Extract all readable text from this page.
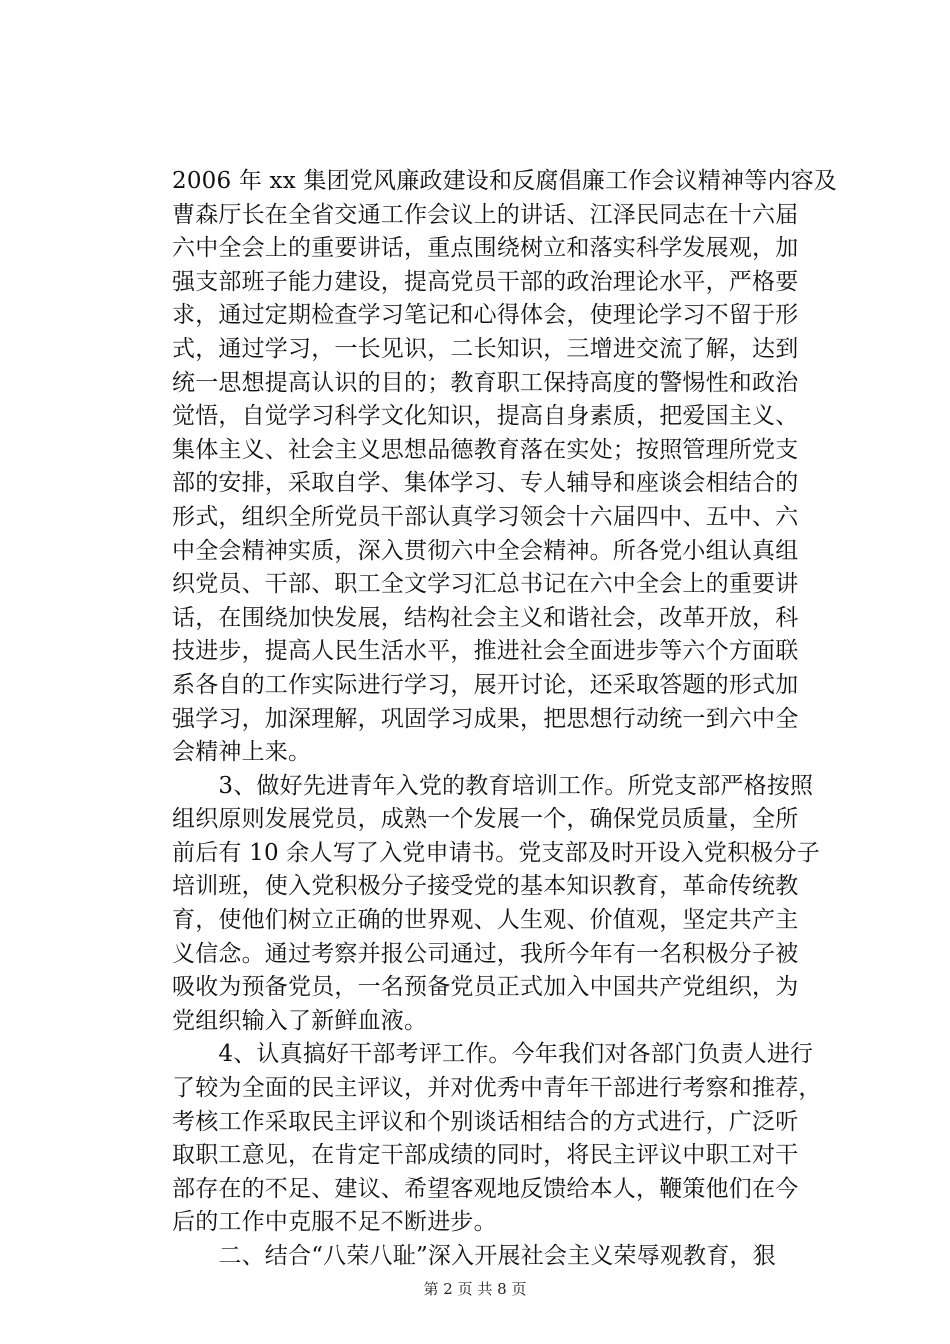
2006 年 xx 集团党风廉政建设和反腐倡廉工作会议精神等内容及
曹森厅长在全省交通工作会议上的讲话、江泽民同志在十六届
六中全会上的重要讲话，重点围绕树立和落实科学发展观，加
强支部班子能力建设，提高党员干部的政治理论水平，严格要
求，通过定期检查学习笔记和心得体会，使理论学习不留于形
式，通过学习，一长见识，二长知识，三增进交流了解，达到
统一思想提高认识的目的；教育职工保持高度的警惕性和政治
觉悟，自觉学习科学文化知识，提高自身素质，把爱国主义、
集体主义、社会主义思想品德教育落在实处；按照管理所党支
部的安排，采取自学、集体学习、专人辅导和座谈会相结合的
形式，组织全所党员干部认真学习领会十六届四中、五中、六
中全会精神实质，深入贯彻六中全会精神。所各党小组认真组
织党员、干部、职工全文学习汇总书记在六中全会上的重要讲
话，在围绕加快发展，结构社会主义和谐社会，改革开放，科
技进步，提高人民生活水平，推进社会全面进步等六个方面联
系各自的工作实际进行学习，展开讨论，还采取答题的形式加
强学习，加深理解，巩固学习成果，把思想行动统一到六中全
会精神上来。
　　3、做好先进青年入党的教育培训工作。所党支部严格按照
组织原则发展党员，成熟一个发展一个，确保党员质量，全所
前后有 10 余人写了入党申请书。党支部及时开设入党积极分子
培训班，使入党积极分子接受党的基本知识教育，革命传统教
育，使他们树立正确的世界观、人生观、价值观，坚定共产主
义信念。通过考察并报公司通过，我所今年有一名积极分子被
吸收为预备党员，一名预备党员正式加入中国共产党组织，为
党组织输入了新鲜血液。
　　4、认真搞好干部考评工作。今年我们对各部门负责人进行
了较为全面的民主评议，并对优秀中青年干部进行考察和推荐，
考核工作采取民主评议和个别谈话相结合的方式进行，广泛听
取职工意见，在肯定干部成绩的同时，将民主评议中职工对干
部存在的不足、建议、希望客观地反馈给本人，鞭策他们在今
后的工作中克服不足不断进步。
　　二、结合“八荣八耻”深入开展社会主义荣辱观教育，狠
第 2 页 共 8 页
